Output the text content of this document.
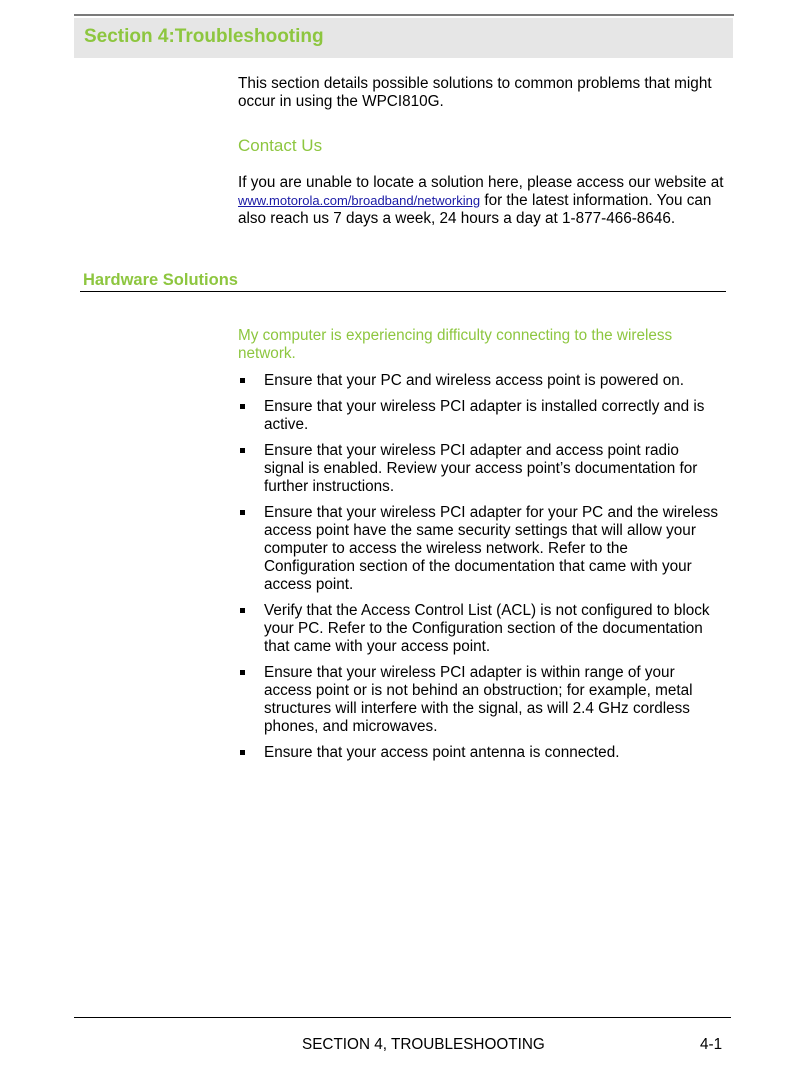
Section 4:Troubleshooting
This section details possible solutions to common problems that might occur in using the WPCI810G.
Contact Us
If you are unable to locate a solution here, please access our website at www.motorola.com/broadband/networking for the latest information. You can also reach us 7 days a week, 24 hours a day at 1-877-466-8646.
Hardware Solutions
My computer is experiencing difficulty connecting to the wireless network.
Ensure that your PC and wireless access point is powered on.
Ensure that your wireless PCI adapter is installed correctly and is active.
Ensure that your wireless PCI adapter and access point radio signal is enabled. Review your access point’s documentation for further instructions.
Ensure that your wireless PCI adapter for your PC and the wireless access point have the same security settings that will allow your computer to access the wireless network. Refer to the Configuration section of the documentation that came with your access point.
Verify that the Access Control List (ACL) is not configured to block your PC. Refer to the Configuration section of the documentation that came with your access point.
Ensure that your wireless PCI adapter is within range of your access point or is not behind an obstruction; for example, metal structures will interfere with the signal, as will 2.4 GHz cordless phones, and microwaves.
Ensure that your access point antenna is connected.
SECTION 4, TROUBLESHOOTING	4-1
